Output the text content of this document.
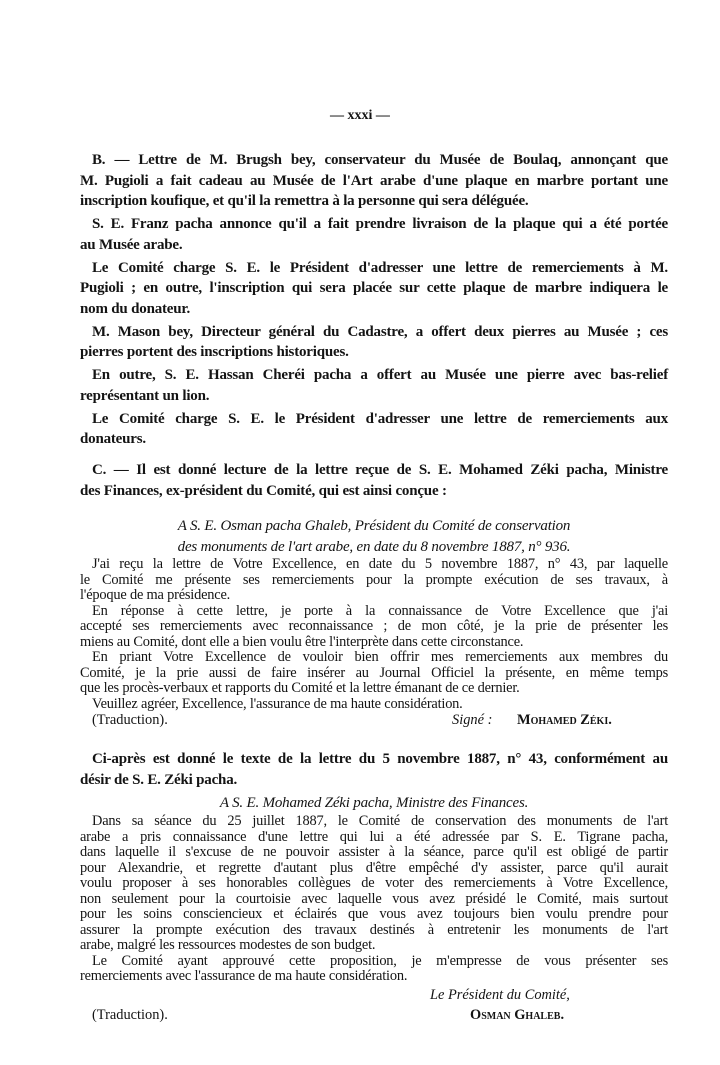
— xxxi —
B. — Lettre de M. Brugsh bey, conservateur du Musée de Boulaq, annonçant que
M. Pugioli a fait cadeau au Musée de l'Art arabe d'une plaque en marbre portant une
inscription koufique, et qu'il la remettra à la personne qui sera déléguée.
S. E. Franz pacha annonce qu'il a fait prendre livraison de la plaque qui a été portée
au Musée arabe.
Le Comité charge S. E. le Président d'adresser une lettre de remerciements à M.
Pugioli ; en outre, l'inscription qui sera placée sur cette plaque de marbre indiquera le
nom du donateur.
M. Mason bey, Directeur général du Cadastre, a offert deux pierres au Musée ; ces
pierres portent des inscriptions historiques.
En outre, S. E. Hassan Cheréi pacha a offert au Musée une pierre avec bas-relief
représentant un lion.
Le Comité charge S. E. le Président d'adresser une lettre de remerciements aux
donateurs.
C. — Il est donné lecture de la lettre reçue de S. E. Mohamed Zéki pacha, Ministre
des Finances, ex-président du Comité, qui est ainsi conçue :
A S. E. Osman pacha Ghaleb, Président du Comité de conservation
des monuments de l'art arabe, en date du 8 novembre 1887, n° 936.
J'ai reçu la lettre de Votre Excellence, en date du 5 novembre 1887, n° 43, par laquelle
le Comité me présente ses remerciements pour la prompte exécution de ses travaux, à
l'époque de ma présidence.
En réponse à cette lettre, je porte à la connaissance de Votre Excellence que j'ai
accepté ses remerciements avec reconnaissance ; de mon côté, je la prie de présenter les
miens au Comité, dont elle a bien voulu être l'interprète dans cette circonstance.
En priant Votre Excellence de vouloir bien offrir mes remerciements aux membres du
Comité, je la prie aussi de faire insérer au Journal Officiel la présente, en même temps
que les procès-verbaux et rapports du Comité et la lettre émanant de ce dernier.
Veuillez agréer, Excellence, l'assurance de ma haute considération.
(Traduction).	Signé : Mohamed Zéki.
Ci-après est donné le texte de la lettre du 5 novembre 1887, n° 43, conformément au
désir de S. E. Zéki pacha.
A S. E. Mohamed Zéki pacha, Ministre des Finances.
Dans sa séance du 25 juillet 1887, le Comité de conservation des monuments de l'art
arabe a pris connaissance d'une lettre qui lui a été adressée par S. E. Tigrane pacha,
dans laquelle il s'excuse de ne pouvoir assister à la séance, parce qu'il est obligé de partir
pour Alexandrie, et regrette d'autant plus d'être empêché d'y assister, parce qu'il aurait
voulu proposer à ses honorables collègues de voter des remerciements à Votre Excellence,
non seulement pour la courtoisie avec laquelle vous avez présidé le Comité, mais surtout
pour les soins consciencieux et éclairés que vous avez toujours bien voulu prendre pour
assurer la prompte exécution des travaux destinés à entretenir les monuments de l'art
arabe, malgré les ressources modestes de son budget.
Le Comité ayant approuvé cette proposition, je m'empresse de vous présenter ses
remerciements avec l'assurance de ma haute considération.
Le Président du Comité,
(Traduction).	Osman Ghaleb.
